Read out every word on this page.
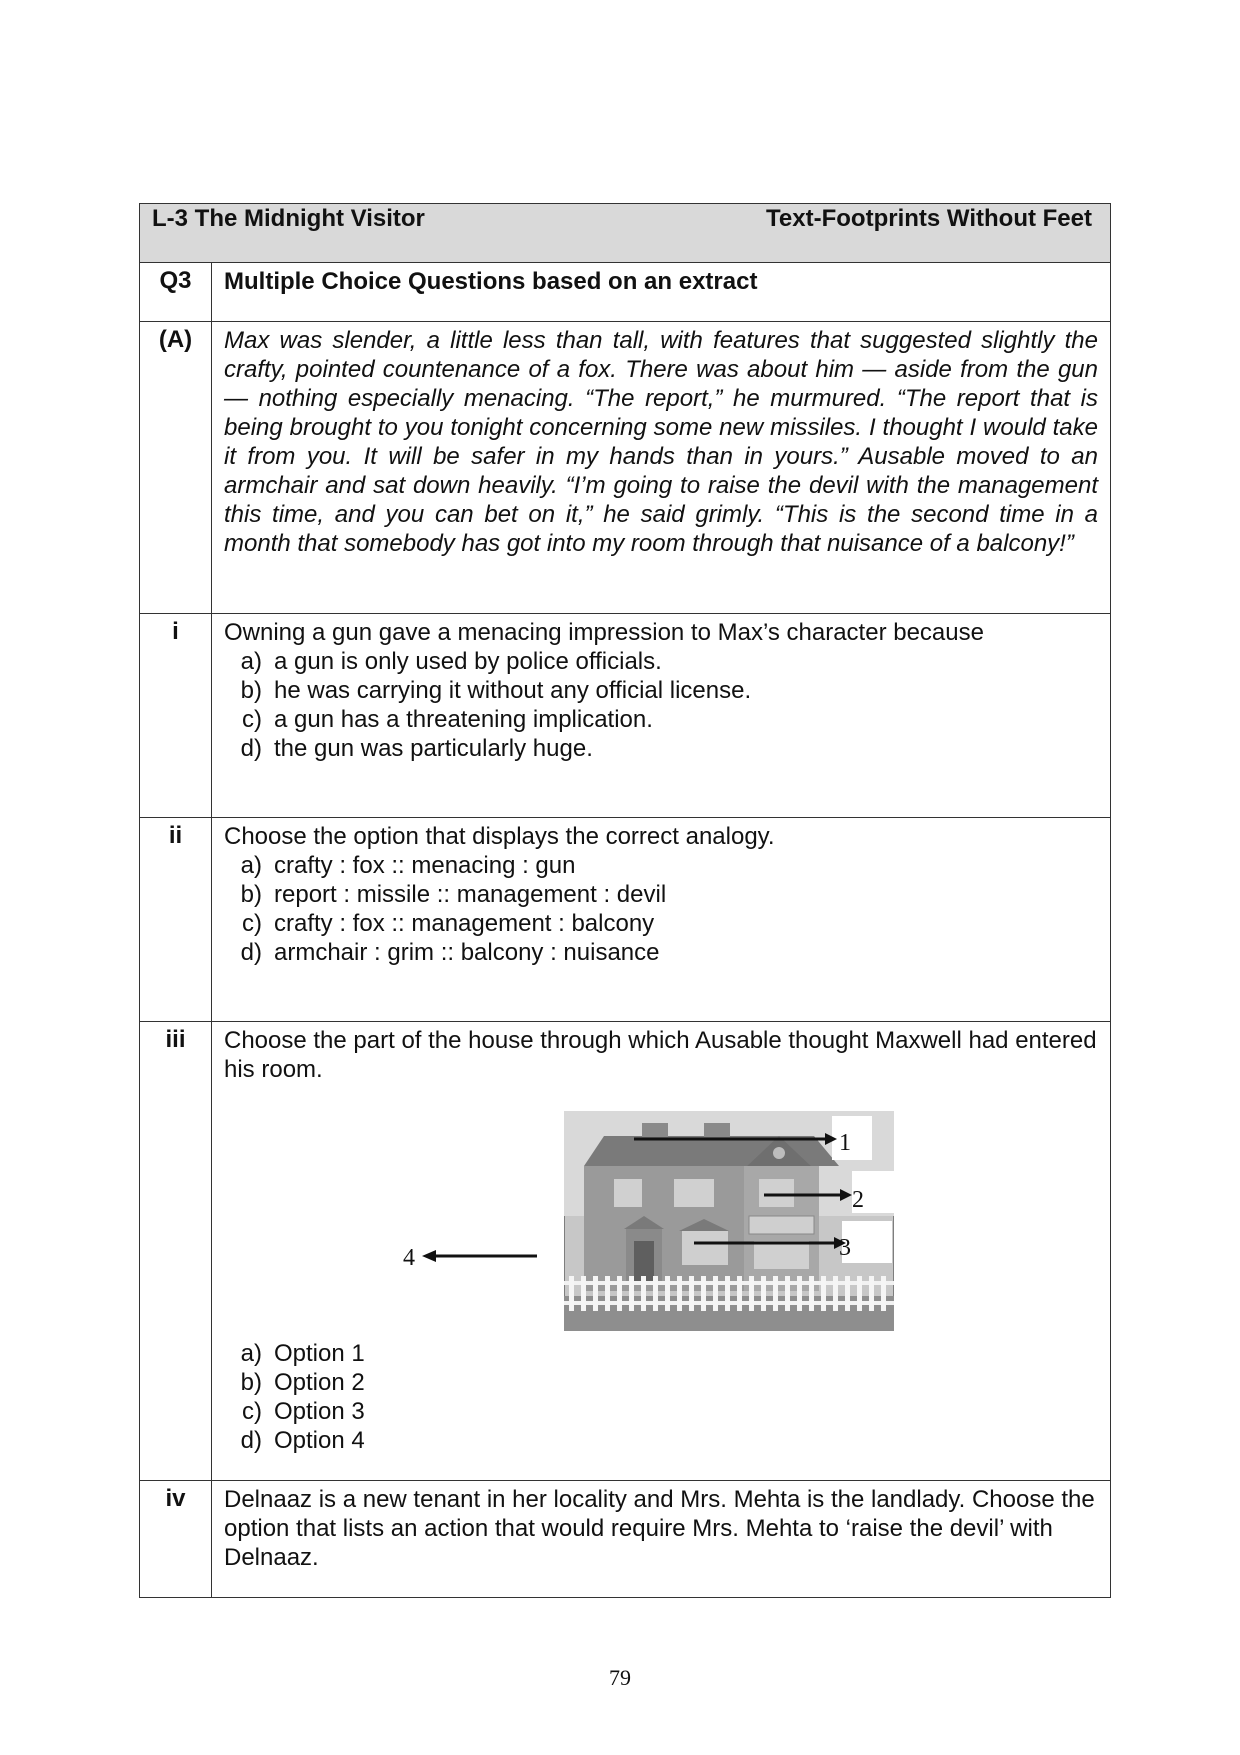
L-3 The Midnight Visitor	Text-Footprints Without Feet
Q3	Multiple Choice Questions based on an extract
(A)	Max was slender, a little less than tall, with features that suggested slightly the crafty, pointed countenance of a fox. There was about him — aside from the gun — nothing especially menacing. “The report,” he murmured. “The report that is being brought to you tonight concerning some new missiles. I thought I would take it from you. It will be safer in my hands than in yours.” Ausable moved to an armchair and sat down heavily. “I’m going to raise the devil with the management this time, and you can bet on it,” he said grimly. “This is the second time in a month that somebody has got into my room through that nuisance of a balcony!”
i	Owning a gun gave a menacing impression to Max’s character because
a) a gun is only used by police officials.
b) he was carrying it without any official license.
c) a gun has a threatening implication.
d) the gun was particularly huge.
ii	Choose the option that displays the correct analogy.
a) crafty : fox :: menacing : gun
b) report : missile :: management : devil
c) crafty : fox :: management : balcony
d) armchair : grim :: balcony : nuisance
iii	Choose the part of the house through which Ausable thought Maxwell had entered his room.
1
2
3
4
a) Option 1
b) Option 2
c) Option 3
d) Option 4
iv	Delnaaz is a new tenant in her locality and Mrs. Mehta is the landlady. Choose the option that lists an action that would require Mrs. Mehta to ‘raise the devil’ with Delnaaz.
79
